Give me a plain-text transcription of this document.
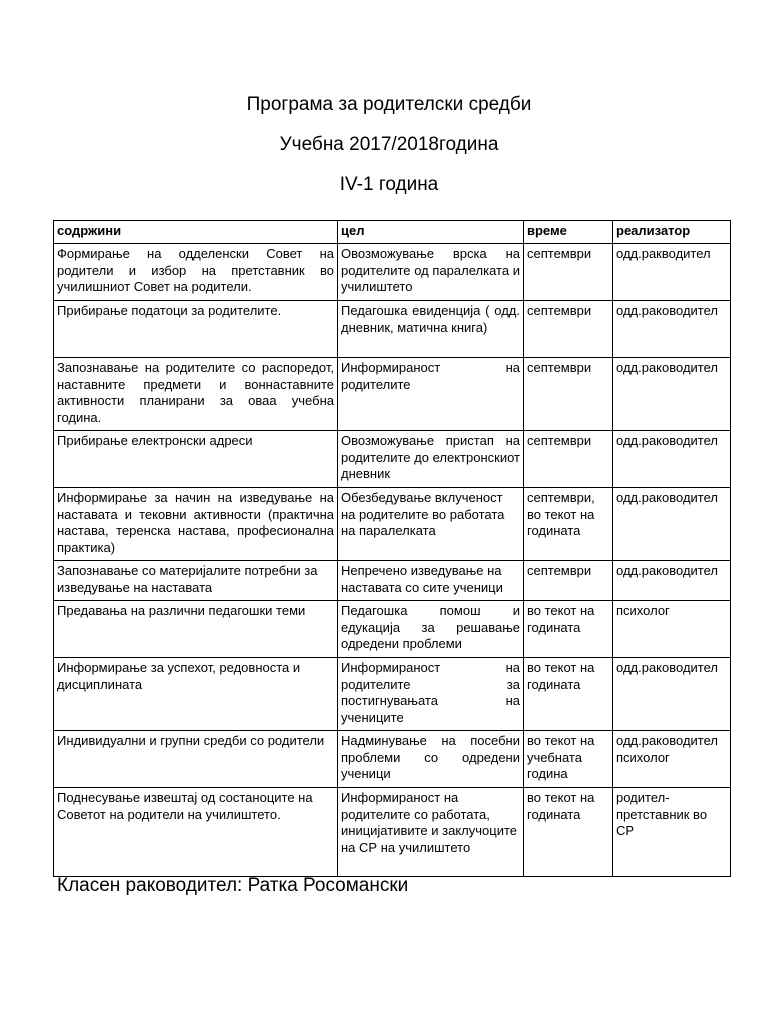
Програма за родителски средби
Учебна 2017/2018година
IV-1 година
содржини	цел	време	реализатор
Формирање на одделенски Совет на родители и избор на претставник во училишниот Совет на родители.	Овозможување врска на родителите од паралелката и училиштето	септември	одд.ракводител
Прибирање податоци за родителите.	Педагошка евиденција ( одд. дневник, матична книга)	септември	одд.раководител
Запознавање на родителите со распоредот, наставните предмети и воннаставните активности планирани за оваа учебна година.	Информираност на родителите	септември	одд.раководител
Прибирање електронски адреси	Овозможување пристап на родителите до електронскиот дневник	септември	одд.раководител
Информирање за начин на изведување на наставата и тековни активности (практична настава, теренска настава, професионална практика)	Обезбедување вклученост на родителите во работата на паралелката	септември, во текот на годината	одд.раководител
Запознавање со материјалите потребни за изведување на наставата	Непречено изведување на наставата со сите ученици	септември	одд.раководител
Предавања на различни педагошки теми	Педагошка помош и едукација за решавање одредени проблеми	во текот на годината	психолог
Информирање за успехот, редовноста и дисциплината	Информираност на родителите за постигнувањата на учениците	во текот на годината	одд.раководител
Индивидуални и групни средби со родители	Надминување на посебни проблеми со одредени ученици	во текот на учебната година	одд.раководител психолог
Поднесување извештај од состаноците на Советот на родители на училиштето.	Информираност на родителите со работата, иницијативите и заклучоците на СР на училиштето	во текот на годината	родител-претставник во СР
Класен раководител: Ратка Росомански
